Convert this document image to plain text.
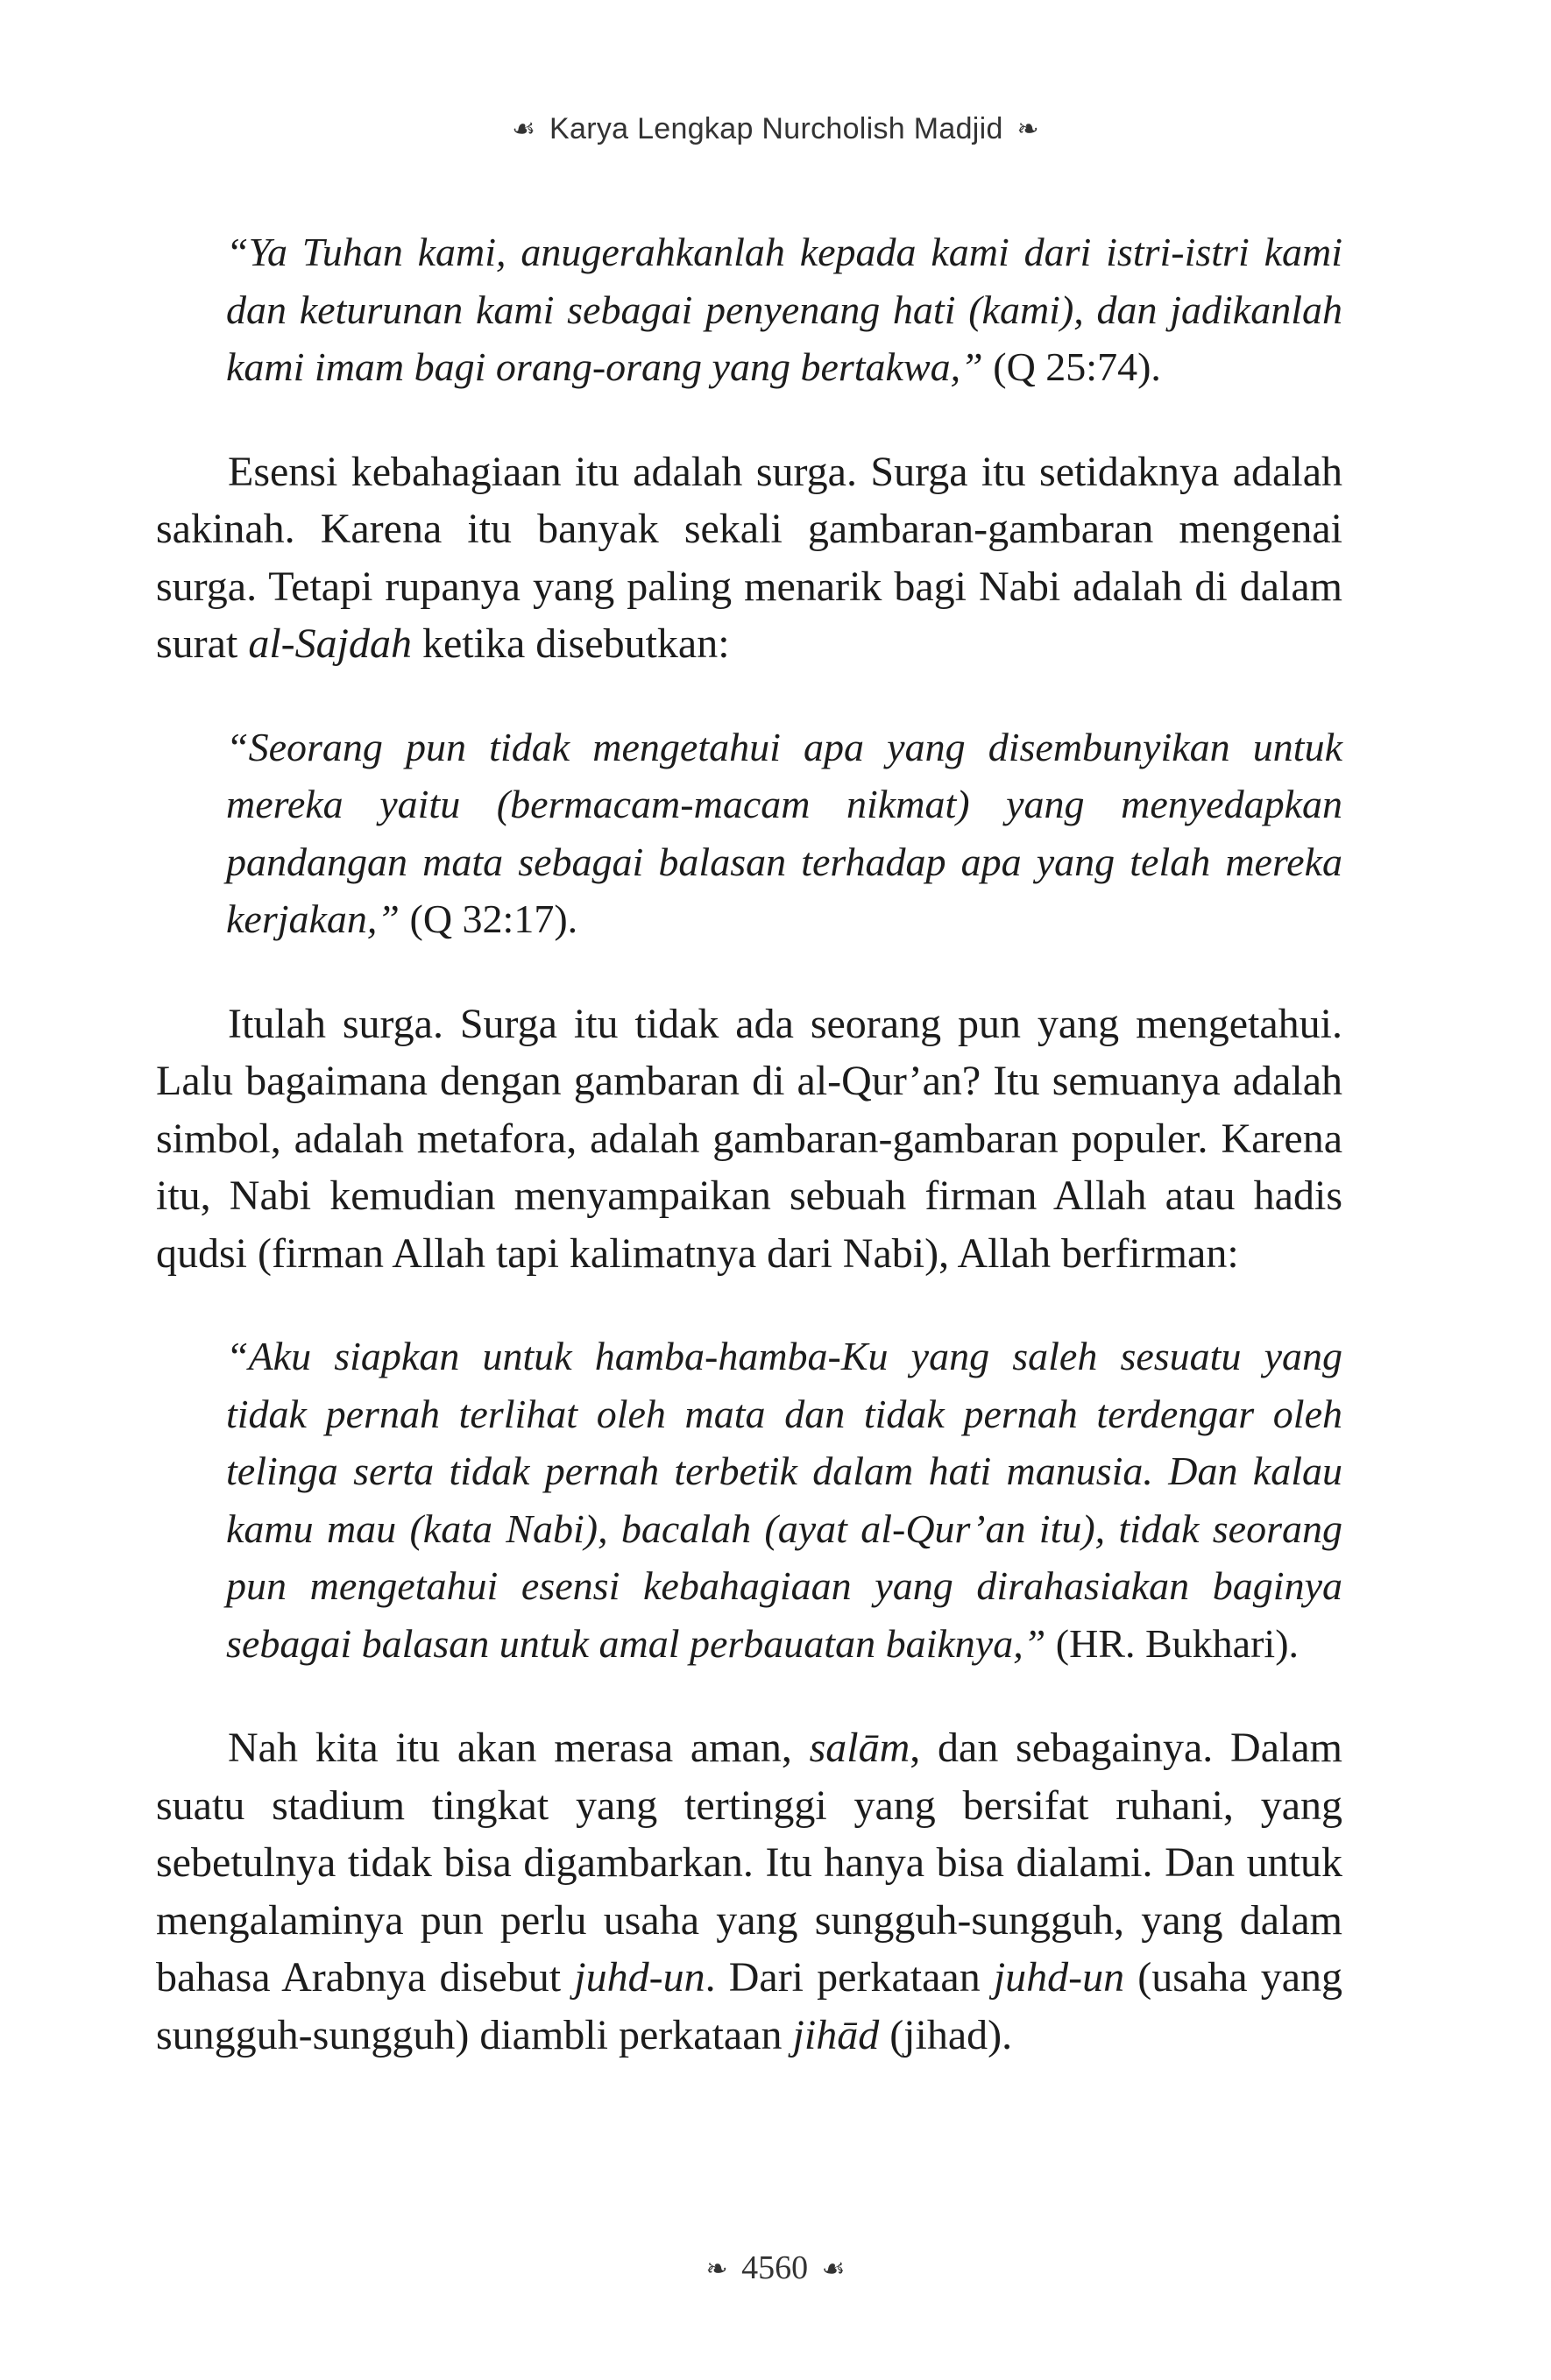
☙ Karya Lengkap Nurcholish Madjid ❧

“Ya Tuhan kami, anugerahkanlah kepada kami dari istri-istri kami dan keturunan kami sebagai penyenang hati (kami), dan jadikanlah kami imam bagi orang-orang yang bertakwa,” (Q 25:74).

Esensi kebahagiaan itu adalah surga. Surga itu setidaknya adalah sakinah. Karena itu banyak sekali gambaran-gambaran mengenai surga. Tetapi rupanya yang paling menarik bagi Nabi adalah di dalam surat al-Sajdah ketika disebutkan:

“Seorang pun tidak mengetahui apa yang disembunyikan untuk mereka yaitu (bermacam-macam nikmat) yang menyedapkan pandangan mata sebagai balasan terhadap apa yang telah mereka kerjakan,” (Q 32:17).

Itulah surga. Surga itu tidak ada seorang pun yang mengetahui. Lalu bagaimana dengan gambaran di al-Qur’an? Itu semuanya adalah simbol, adalah metafora, adalah gambaran-gambaran populer. Karena itu, Nabi kemudian menyampaikan sebuah firman Allah atau hadis qudsi (firman Allah tapi kalimatnya dari Nabi), Allah berfirman:

“Aku siapkan untuk hamba-hamba-Ku yang saleh sesuatu yang tidak pernah terlihat oleh mata dan tidak pernah terdengar oleh telinga serta tidak pernah terbetik dalam hati manusia. Dan kalau kamu mau (kata Nabi), bacalah (ayat al-Qur’an itu), tidak seorang pun mengetahui esensi kebahagiaan yang dirahasiakan baginya sebagai balasan untuk amal perbauatan baiknya,” (HR. Bukhari).

Nah kita itu akan merasa aman, salām, dan sebagainya. Dalam suatu stadium tingkat yang tertinggi yang bersifat ruhani, yang sebetulnya tidak bisa digambarkan. Itu hanya bisa dialami. Dan untuk mengalaminya pun perlu usaha yang sungguh-sungguh, yang dalam bahasa Arabnya disebut juhd-un. Dari perkataan juhd-un (usaha yang sungguh-sungguh) diambli perkataan jihād (jihad).

❧ 4560 ☙
